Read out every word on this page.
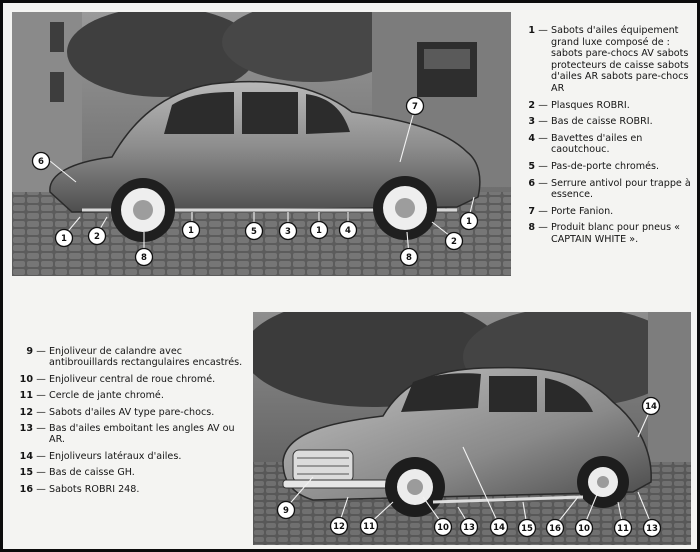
6
7
1	2
8
1	5	3	1	4
8
2
1
1 — Sabots d'ailes équipement grand luxe composé de : sabots pare-chocs AV sabots protecteurs de caisse sabots d'ailes AR sabots pare-chocs AR
2 — Plasques ROBRI.
3 — Bas de caisse ROBRI.
4 — Bavettes d'ailes en caoutchouc.
5 — Pas-de-porte chromés.
6 — Serrure antivol pour trappe à essence.
7 — Porte Fanion.
8 — Produit blanc pour pneus « CAPTAIN WHITE ».
9 — Enjoliveur de calandre avec antibrouillards rectangulaires encastrés.
10 — Enjoliveur central de roue chromé.
11 — Cercle de jante chromé.
12 — Sabots d'ailes AV type pare-chocs.
13 — Bas d'ailes emboitant les angles AV ou AR.
14 — Enjoliveurs latéraux d'ailes.
15 — Bas de caisse GH.
16 — Sabots ROBRI 248.
14
9
12 11	10 13 14 15 16 10	11 13
